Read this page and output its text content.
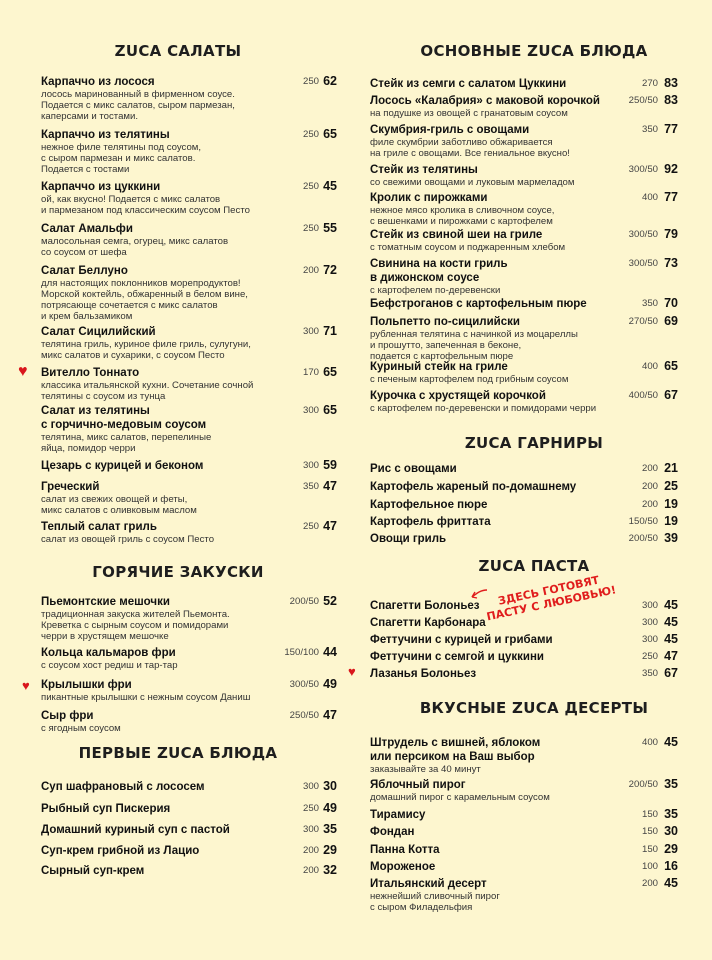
ZUCA САЛАТЫ
Карпаччо из лосося
лосось маринованный в фирменном соусе.
Подается с микс салатов, сыром пармезан,
каперсами и тостами.
250 62
Карпаччо из телятины
нежное филе телятины под соусом,
с сыром пармезан и микс салатов.
Подается с тостами
250 65
Карпаччо из цуккини
ой, как вкусно! Подается с микс салатов
и пармезаном под классическим соусом Песто
250 45
Салат Амальфи
малосольная семга, огурец, микс салатов
со соусом от шефа
250 55
Салат Беллуно
для настоящих поклонников морепродуктов!
Морской коктейль, обжаренный в белом вине,
потрясающе сочетается с микс салатов
и крем бальзамиком
200 72
Салат Сицилийский
телятина гриль, куриное филе гриль, сулугуни,
микс салатов и сухарики, с соусом Песто
300 71
Вителло Тоннато
классика итальянской кухни. Сочетание сочной
телятины с соусом из тунца
170 65
Салат из телятины
с горчично-медовым соусом
телятина, микс салатов, перепелиные
яйца, помидор черри
300 65
Цезарь с курицей и беконом	300 59
Греческий
салат из свежих овощей и феты,
микс салатов с оливковым маслом
350 47
Теплый салат гриль
салат из овощей гриль с соусом Песто
250 47
ГОРЯЧИЕ ЗАКУСКИ
Пьемонтские мешочки
традиционная закуска жителей Пьемонта.
Креветка с сырным соусом и помидорами
черри в хрустящем мешочке
200/50 52
Кольца кальмаров фри
с соусом хост редиш и тар-тар
150/100 44
Крылышки фри
пикантные крылышки с нежным соусом Даниш
300/50 49
Сыр фри
с ягодным соусом
250/50 47
ПЕРВЫЕ ZUCA БЛЮДА
Суп шафрановый с лососем	300 30
Рыбный суп Пискерия	250 49
Домашний куриный суп с пастой	300 35
Суп-крем грибной из Лацио	200 29
Сырный суп-крем	200 32
♥
♥
ОСНОВНЫЕ ZUCA БЛЮДА
Стейк из семги с салатом Цуккини	270 83
Лосось «Калабрия» с маковой корочкой
на подушке из овощей с гранатовым соусом
250/50 83
Скумбрия-гриль с овощами
филе скумбрии заботливо обжаривается
на гриле с овощами. Все гениальное вкусно!
350 77
Стейк из телятины
со свежими овощами и луковым мармеладом
300/50 92
Кролик с пирожками
нежное мясо кролика в сливочном соусе,
с вешенками и пирожками с картофелем
400 77
Стейк из свиной шеи на гриле
с томатным соусом и поджаренным хлебом
300/50 79
Свинина на кости гриль
в дижонском соусе
с картофелем по-деревенски
300/50 73
Бефстроганов с картофельным пюре	350 70
Польпетто по-сицилийски
рубленная телятина с начинкой из моцареллы
и прошутто, запеченная в беконе,
подается с картофельным пюре
270/50 69
Куриный стейк на гриле
с печеным картофелем под грибным соусом
400 65
Курочка с хрустящей корочкой
с картофелем по-деревенски и помидорами черри
400/50 67
ZUCA ГАРНИРЫ
Рис с овощами	200 21
Картофель жареный по-домашнему	200 25
Картофельное пюре	200 19
Картофель фриттата	150/50 19
Овощи гриль	200/50 39
ZUCA ПАСТА
Спагетти Болоньез	300 45
Спагетти Карбонара	300 45
Феттучини с курицей и грибами	300 45
Феттучини с семгой и цуккини	250 47
Лазанья Болоньез	350 67
ВКУСНЫЕ ZUCA ДЕСЕРТЫ
Штрудель с вишней, яблоком
или персиком на Ваш выбор
заказывайте за 40 минут
400 45
Яблочный пирог
домашний пирог с карамельным соусом
200/50 35
Тирамису	150 35
Фондан	150 30
Панна Котта	150 29
Мороженое	100 16
Итальянский десерт
нежнейший сливочный пирог
с сыром Филадельфия
200 45
♥
ЗДЕСЬ ГОТОВЯТ
ПАСТУ С ЛЮБОВЬЮ!
